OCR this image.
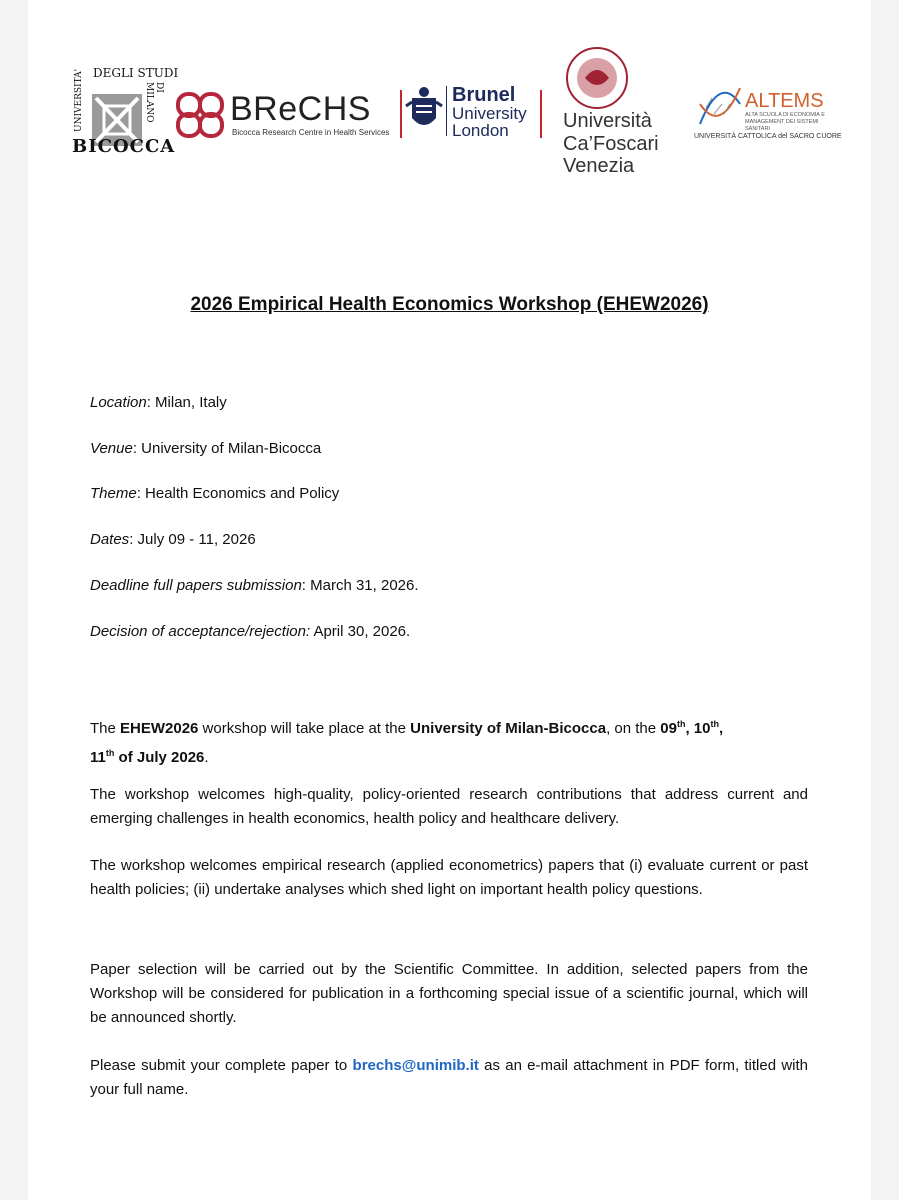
DEGLI STUDI
UNIVERSITA'	DI MILANO
BICOCCA
BReCHS
Bicocca Research Centre in Health Services
Brunel
University
London	Università
Ca’Foscari
Venezia
ALTEMS
ALTA SCUOLA DI ECONOMIA E MANAGEMENT DEI SISTEMI SANITARI
UNIVERSITÀ CATTOLICA del SACRO CUORE
2026 Empirical Health Economics Workshop (EHEW2026)
Location: Milan, Italy
Venue: University of Milan-Bicocca
Theme: Health Economics and Policy
Dates: July 09 - 11, 2026
Deadline full papers submission: March 31, 2026.
Decision of acceptance/rejection: April 30, 2026.
The EHEW2026 workshop will take place at the University of Milan-Bicocca, on the 09th, 10th,
11th of July 2026.
The workshop welcomes high-quality, policy-oriented research contributions that address current and emerging challenges in health economics, health policy and healthcare delivery.
The workshop welcomes empirical research (applied econometrics) papers that (i) evaluate current or past health policies; (ii) undertake analyses which shed light on important health policy questions.
Paper selection will be carried out by the Scientific Committee. In addition, selected papers from the Workshop will be considered for publication in a forthcoming special issue of a scientific journal, which will be announced shortly.
Please submit your complete paper to brechs@unimib.it as an e-mail attachment in PDF form, titled with your full name.
